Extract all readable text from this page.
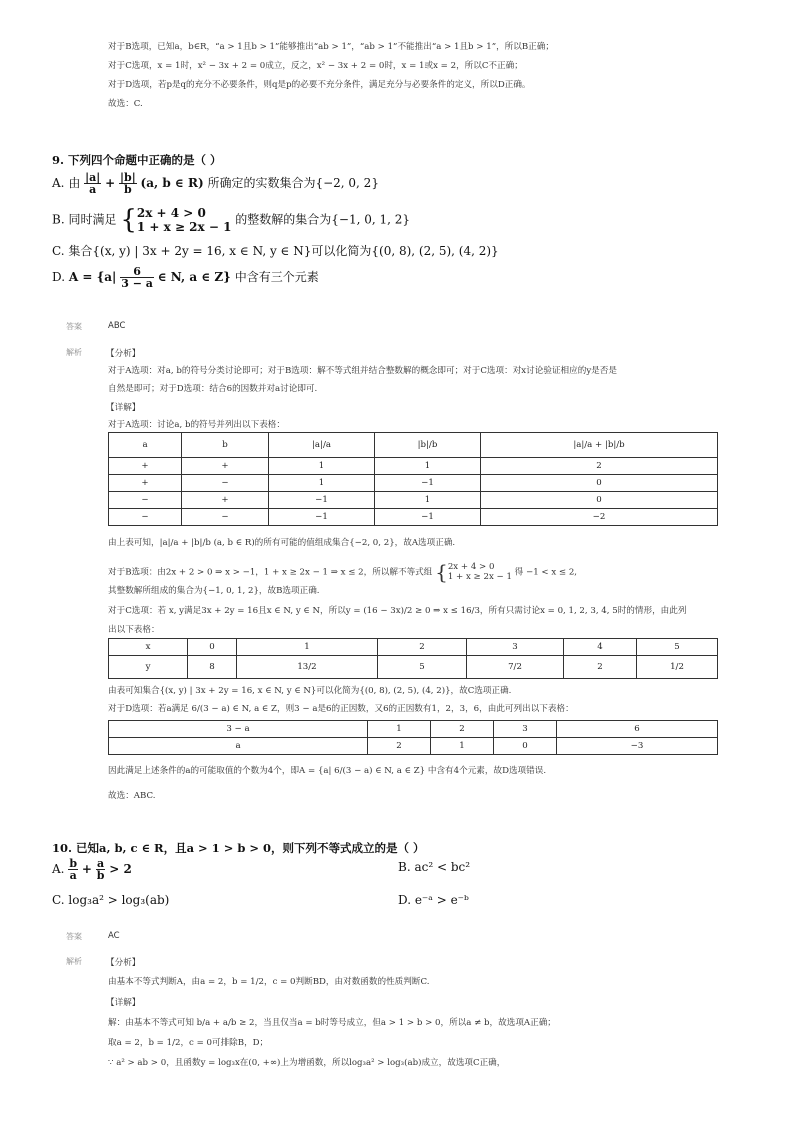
对于B选项，已知a，b∈R，“a > 1且b > 1”能够推出“ab > 1”，“ab > 1”不能推出“a > 1且b > 1”，所以B正确；
对于C选项，x = 1时，x² − 3x + 2 = 0成立，反之，x² − 3x + 2 = 0时，x = 1或x = 2，所以C不正确；
对于D选项，若p是q的充分不必要条件，则q是p的必要不充分条件，满足充分与必要条件的定义，所以D正确。
故选：C.
9. 下列四个命题中正确的是（ ）
A. 由 $\frac{|a|}{a} + \frac{|b|}{b} (a$, b ∈ R) 所确定的实数集合为{−2, 0, 2}
B. 同时满足 { 2x + 4 > 0
1 + x ≥ 2x − 1
的整数解的集合为{−1, 0, 1, 2}
C. 集合{(x, y) | 3x + 2y = 16, x ∈ N, y ∈ N}可以化简为{(0, 8), (2, 5), (4, 2)}
D. $A = \{a| \frac{6}{3 - a}$ ∈ N, a ∈ Z} 中含有三个元素
答案	ABC
解析	【分析】
对于A选项：对a, b的符号分类讨论即可；对于B选项：解不等式组并结合整数解的概念即可；对于C选项：对x讨论验证相应的y是否是
自然是即可；对于D选项：结合6的因数并对a讨论即可.
【详解】
对于A选项：讨论a, b的符号并列出以下表格：
a	b	|a|/a	|b|/b	|a|/a + |b|/b
+	+	1	1	2
+	−	1	−1	0
−	+	−1	1	0
−	−	−1	−1	−2
由上表可知，|a|/a + |b|/b (a, b ∈ R)的所有可能的值组成集合{−2, 0, 2}，故A选项正确.
对于B选项：由2x + 2 > 0 ⇒ x > −1，1 + x ≥ 2x − 1 ⇒ x ≤ 2，所以解不等式组 { 2x + 4 > 0
1 + x ≥ 2x − 1 得 −1 < x ≤ 2,
其整数解所组成的集合为{−1, 0, 1, 2}，故B选项正确.
对于C选项：若 x, y满足3x + 2y = 16且x ∈ N, y ∈ N，所以y = (16 − 3x)/2 ≥ 0 ⇒ x ≤ 16/3，所有只需讨论x = 0, 1, 2, 3, 4, 5时的情形，由此列
出以下表格：
x	0	1	2	3	4	5
y	8	13/2	5	7/2	2	1/2
由表可知集合{(x, y) | 3x + 2y = 16, x ∈ N, y ∈ N}可以化简为{(0, 8), (2, 5), (4, 2)}，故C选项正确.
对于D选项：若a满足 6/(3 − a) ∈ N, a ∈ Z，则3 − a是6的正因数，又6的正因数有1，2，3，6，由此可列出以下表格：
3 − a	1	2	3	6
a	2	1	0	−3
因此满足上述条件的a的可能取值的个数为4个，即A = {a| 6/(3 − a) ∈ N, a ∈ Z} 中含有4个元素，故D选项错误.
故选：ABC.
10. 已知a, b, c ∈ R，且a > 1 > b > 0，则下列不等式成立的是（ ）
A. $\frac{b}{a} + \frac{a}{b} > 2$	B. ac² < bc²
C. log₃a² > log₃(ab)	D. e⁻ᵃ > e⁻ᵇ
答案	AC
解析	【分析】
由基本不等式判断A，由a = 2，b = 1/2，c = 0判断BD，由对数函数的性质判断C.
【详解】
解：由基本不等式可知 b/a + a/b ≥ 2，当且仅当a = b时等号成立，但a > 1 > b > 0，所以a ≠ b，故选项A正确；
取a = 2，b = 1/2，c = 0可排除B，D；
∵ a² > ab > 0，且函数y = log₃x在(0, +∞)上为增函数，所以log₃a² > log₃(ab)成立，故选项C正确，
